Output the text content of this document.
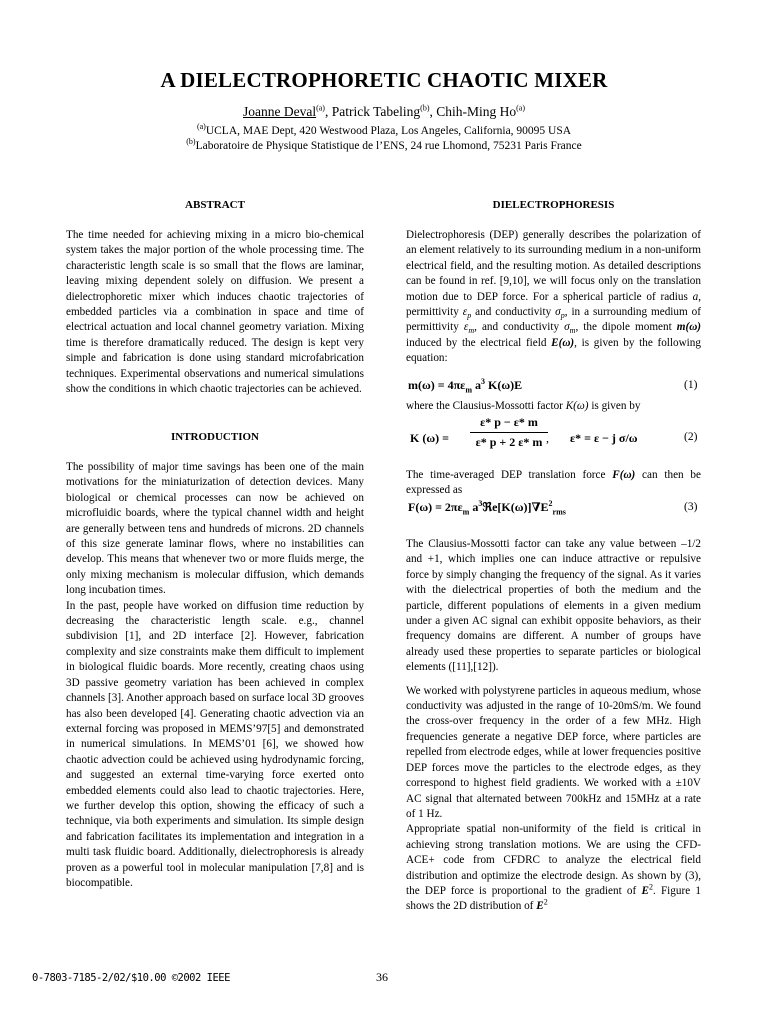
A DIELECTROPHORETIC CHAOTIC MIXER
Joanne Deval$^{(a)}$, Patrick Tabeling$^{(b)}$, Chih-Ming Ho$^{(a)}$
$^{(a)}$UCLA, MAE Dept, 420 Westwood Plaza, Los Angeles, California, 90095 USA
$^{(b)}$Laboratoire de Physique Statistique de l’ENS, 24 rue Lhomond, 75231 Paris France
ABSTRACT

The time needed for achieving mixing in a micro bio-chemical system takes the major portion of the whole processing time. The characteristic length scale is so small that the flows are laminar, leaving mixing dependent solely on diffusion. We present a dielectrophoretic mixer which induces chaotic trajectories of embedded particles via a combination in space and time of electrical actuation and local channel geometry variation. Mixing time is therefore dramatically reduced. The design is kept very simple and fabrication is done using standard microfabrication techniques. Experimental observations and numerical simulations show the conditions in which chaotic trajectories can be achieved.

INTRODUCTION

The possibility of major time savings has been one of the main motivations for the miniaturization of detection devices. Many biological or chemical processes can now be achieved on microfluidic boards, where the typical channel width and height are generally between tens and hundreds of microns. 2D channels of this size generate laminar flows, where no instabilities can develop. This means that whenever two or more fluids merge, the only mixing mechanism is molecular diffusion, which demands long incubation times.

In the past, people have worked on diffusion time reduction by decreasing the characteristic length scale. e.g., channel subdivision [1], and 2D interface [2]. However, fabrication complexity and size constraints make them difficult to implement in biological fluidic boards. More recently, creating chaos using 3D passive geometry variation has been achieved in complex channels [3]. Another approach based on surface local 3D grooves has also been developed [4]. Generating chaotic advection via an external forcing was proposed in MEMS’97[5] and demonstrated in numerical simulations. In MEMS’01 [6], we showed how chaotic advection could be achieved using hydrodynamic forcing, and suggested an external time-varying force exerted onto embedded elements could also lead to chaotic trajectories. Here, we further develop this option, showing the efficacy of such a technique, via both experiments and simulation. Its simple design and fabrication facilitates its implementation and integration in a multi task fluidic board. Additionally, dielectrophoresis is already proven as a powerful tool in molecular manipulation [7,8] and is biocompatible.

DIELECTROPHORESIS

Dielectrophoresis (DEP) generally describes the polarization of an element relatively to its surrounding medium in a non-uniform electrical field, and the resulting motion. As detailed descriptions can be found in ref. [9,10], we will focus only on the translation motion due to DEP force. For a spherical particle of radius a, permittivity $\varepsilon_p$ and conductivity $\sigma_p$, in a surrounding medium of permittivity $\varepsilon_m$, and conductivity $\sigma_m$, the dipole moment m(ω) induced by the electrical field E(ω), is given by the following equation:

$m(\omega) = 4\pi\varepsilon_m$ $a^3$ K(ω)E	(1)
where the Clausius-Mossotti factor K(ω) is given by
K $(\omega) = \frac{\varepsilon* p - \varepsilon* m}{\varepsilon* p + 2 \varepsilon* m}$
, ε* = ε − j σ/ω	(2)

The time-averaged DEP translation force F(ω) can then be expressed as

$F(\omega) = 2\pi\varepsilon_m$ $a^3ℜe[K(\omega)]\nabla E^2_{rms}$	(3)

The Clausius-Mossotti factor can take any value between –1/2 and +1, which implies one can induce attractive or repulsive force by simply changing the frequency of the signal. As it varies with the dielectrical properties of both the medium and the particle, different populations of elements in a given medium under a given AC signal can exhibit opposite behaviors, as their frequency domains are different. A number of groups have already used these properties to separate particles or biological elements ([11],[12]).

We worked with polystyrene particles in aqueous medium, whose conductivity was adjusted in the range of 10-20mS/m. We found the cross-over frequency in the order of a few MHz. High frequencies generate a negative DEP force, where particles are repelled from electrode edges, while at lower frequencies positive DEP forces move the particles to the electrode edges, as they correspond to highest field gradients. We worked with a ±10V AC signal that alternated between 700kHz and 15MHz at a rate of 1 Hz.

Appropriate spatial non-uniformity of the field is critical in achieving strong translation motions. We are using the CFD-ACE+ code from CFDRC to analyze the electrical field distribution and optimize the electrode design. As shown by (3), the DEP force is proportional to the gradient of $E^2$. Figure 1 shows the 2D distribution of $E^2$

0-7803-7185-2/02/$10.00 ©2002 IEEE	36
